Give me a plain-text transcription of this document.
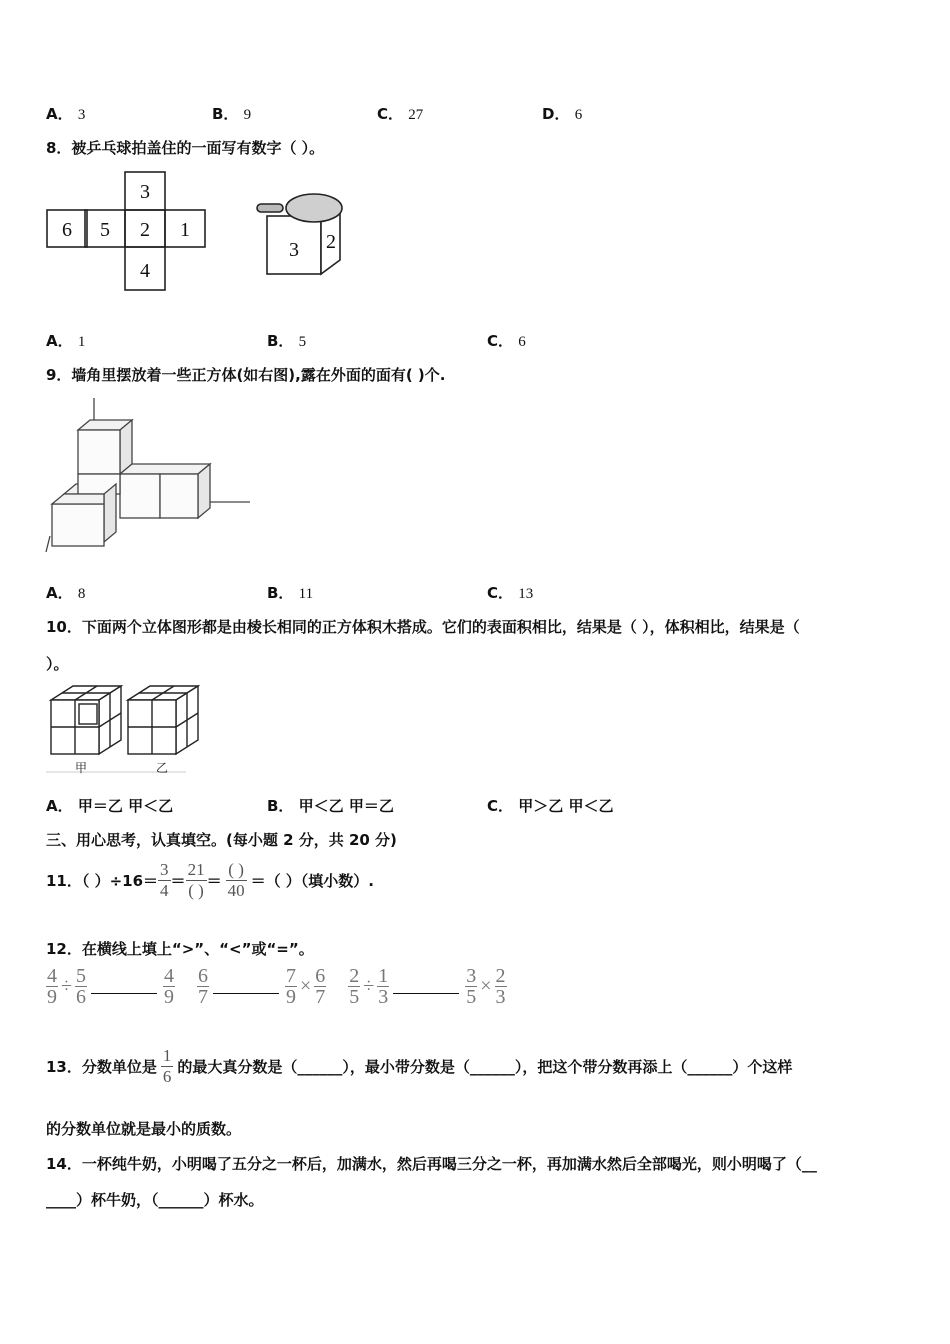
A． 3	B． 9	C． 27	D． 6
8．被乒乓球拍盖住的一面写有数字（ ）。
3
6 5 2 1
4
3 2
A． 1	B． 5	C． 6
9．墙角里摆放着一些正方体(如右图),露在外面的面有( )个.
A． 8	B． 11	C． 13
10．下面两个立体图形都是由棱长相同的正方体积木搭成。它们的表面积相比，结果是（ ），体积相比，结果是（
）。
甲	乙
A． 甲＝乙 甲＜乙	B． 甲＜乙 甲＝乙	C． 甲＞乙 甲＜乙
三、用心思考，认真填空。(每小题 2 分，共 20 分)
11．（ ）$\div 16= \frac{3}{4} = \frac{21}{( )} = \frac{( )}{40}$ ＝（ ）（填小数）.
12．在横线上填上“>”、“<”或“=”。
$\frac{4}{9} \div \frac{5}{6}$	$\frac{4}{9} \frac{6}{7}$	$\frac{7}{9} \times \frac{6}{7} \frac{2}{5} \div \frac{1}{3}$	$\frac{3}{5} \times \frac{2}{3}$
13．分数单位是 $\frac{1}{6}$ 的最大真分数是（______），最小带分数是（______），把这个带分数再添上（______）个这样
的分数单位就是最小的质数。
14．一杯纯牛奶，小明喝了五分之一杯后，加满水，然后再喝三分之一杯，再加满水然后全部喝光，则小明喝了（__
____）杯牛奶，（______）杯水。
